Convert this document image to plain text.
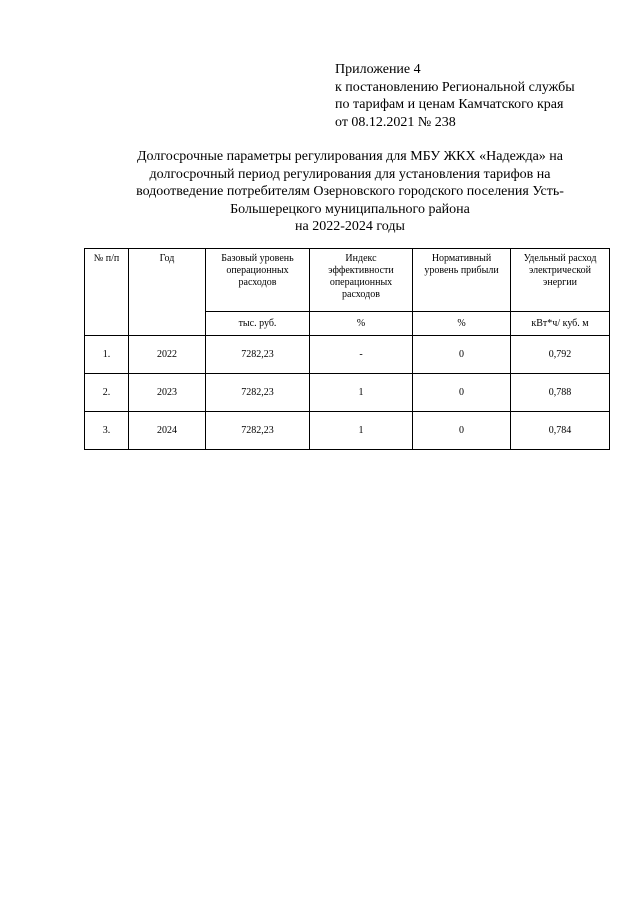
Приложение 4
к постановлению Региональной службы
по тарифам и ценам Камчатского края
от 08.12.2021 № 238
Долгосрочные параметры регулирования для МБУ ЖКХ «Надежда» на
долгосрочный период регулирования для установления тарифов на
водоотведение потребителям Озерновского городского поселения Усть-
Большерецкого муниципального района
на 2022-2024 годы
№ п/п	Год	Базовый уровень операционных расходов	Индекс эффективности операционных расходов	Нормативный уровень прибыли	Удельный расход электрической энергии
		тыс. руб.	%	%	кВт*ч/ куб. м
1.	2022	7282,23	-	0	0,792
2.	2023	7282,23	1	0	0,788
3.	2024	7282,23	1	0	0,784
